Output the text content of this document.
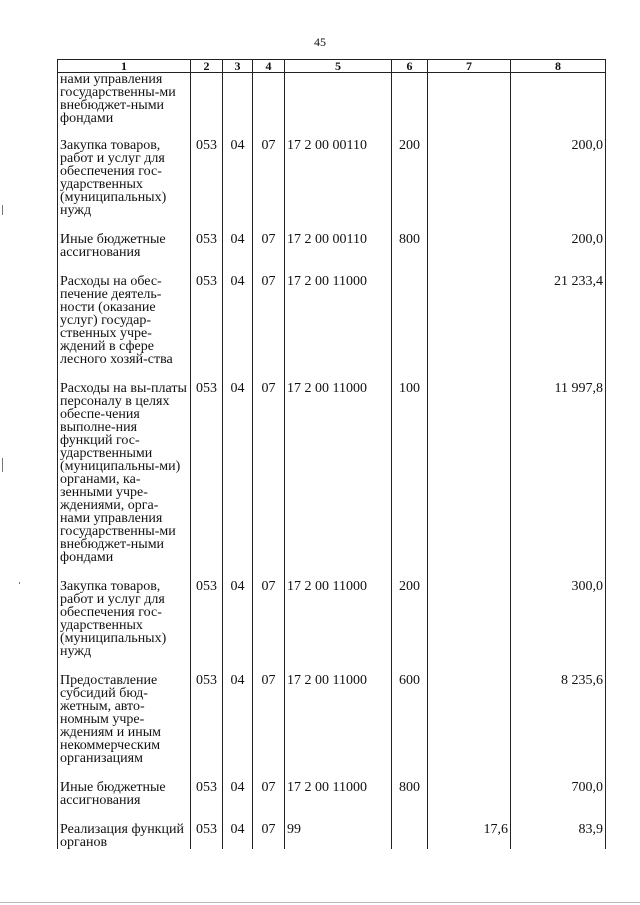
45
1	2	3	4	5	6	7	8
нами управления государственны-ми внебюджет-ными фондами							
Закупка товаров, работ и услуг для обеспечения гос-ударственных (муниципальных) нужд	053	04	07	17 2 00 00110	200		200,0
Иные бюджетные ассигнования	053	04	07	17 2 00 00110	800		200,0
Расходы на обес-печение деятель-ности (оказание услуг) государ-ственных учре-ждений в сфере лесного хозяй-ства	053	04	07	17 2 00 11000			21 233,4
Расходы на вы-платы персоналу в целях обеспе-чения выполне-ния функций гос-ударственными (муниципальны-ми) органами, ка-зенными учре-ждениями, орга-нами управления государственны-ми внебюджет-ными фондами	053	04	07	17 2 00 11000	100		11 997,8
Закупка товаров, работ и услуг для обеспечения гос-ударственных (муниципальных) нужд	053	04	07	17 2 00 11000	200		300,0
Предоставление субсидий бюд-жетным, авто-номным учре-ждениям и иным некоммерческим организациям	053	04	07	17 2 00 11000	600		8 235,6
Иные бюджетные ассигнования	053	04	07	17 2 00 11000	800		700,0
Реализация функций органов	053	04	07	99		17,6	83,9
